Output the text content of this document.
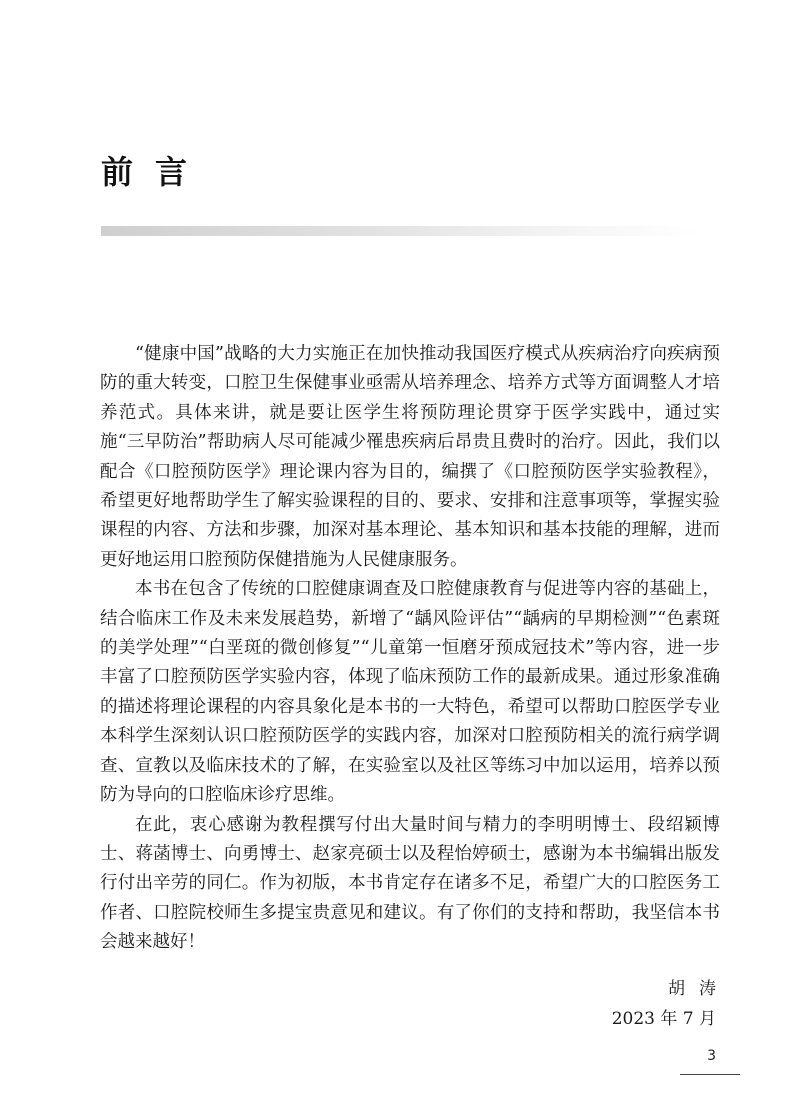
前言

“健康中国”战略的大力实施正在加快推动我国医疗模式从疾病治疗向疾病预防的重大转变，口腔卫生保健事业亟需从培养理念、培养方式等方面调整人才培养范式。具体来讲，就是要让医学生将预防理论贯穿于医学实践中，通过实施“三早防治”帮助病人尽可能减少罹患疾病后昂贵且费时的治疗。因此，我们以配合《口腔预防医学》理论课内容为目的，编撰了《口腔预防医学实验教程》，希望更好地帮助学生了解实验课程的目的、要求、安排和注意事项等，掌握实验课程的内容、方法和步骤，加深对基本理论、基本知识和基本技能的理解，进而更好地运用口腔预防保健措施为人民健康服务。

本书在包含了传统的口腔健康调查及口腔健康教育与促进等内容的基础上，结合临床工作及未来发展趋势，新增了“龋风险评估”“龋病的早期检测”“色素斑的美学处理”“白垩斑的微创修复”“儿童第一恒磨牙预成冠技术”等内容，进一步丰富了口腔预防医学实验内容，体现了临床预防工作的最新成果。通过形象准确的描述将理论课程的内容具象化是本书的一大特色，希望可以帮助口腔医学专业本科学生深刻认识口腔预防医学的实践内容，加深对口腔预防相关的流行病学调查、宣教以及临床技术的了解，在实验室以及社区等练习中加以运用，培养以预防为导向的口腔临床诊疗思维。

在此，衷心感谢为教程撰写付出大量时间与精力的李明明博士、段绍颖博士、蒋菡博士、向勇博士、赵家亮硕士以及程怡婷硕士，感谢为本书编辑出版发行付出辛劳的同仁。作为初版，本书肯定存在诸多不足，希望广大的口腔医务工作者、口腔院校师生多提宝贵意见和建议。有了你们的支持和帮助，我坚信本书会越来越好！

胡涛
2023 年 7 月
3
